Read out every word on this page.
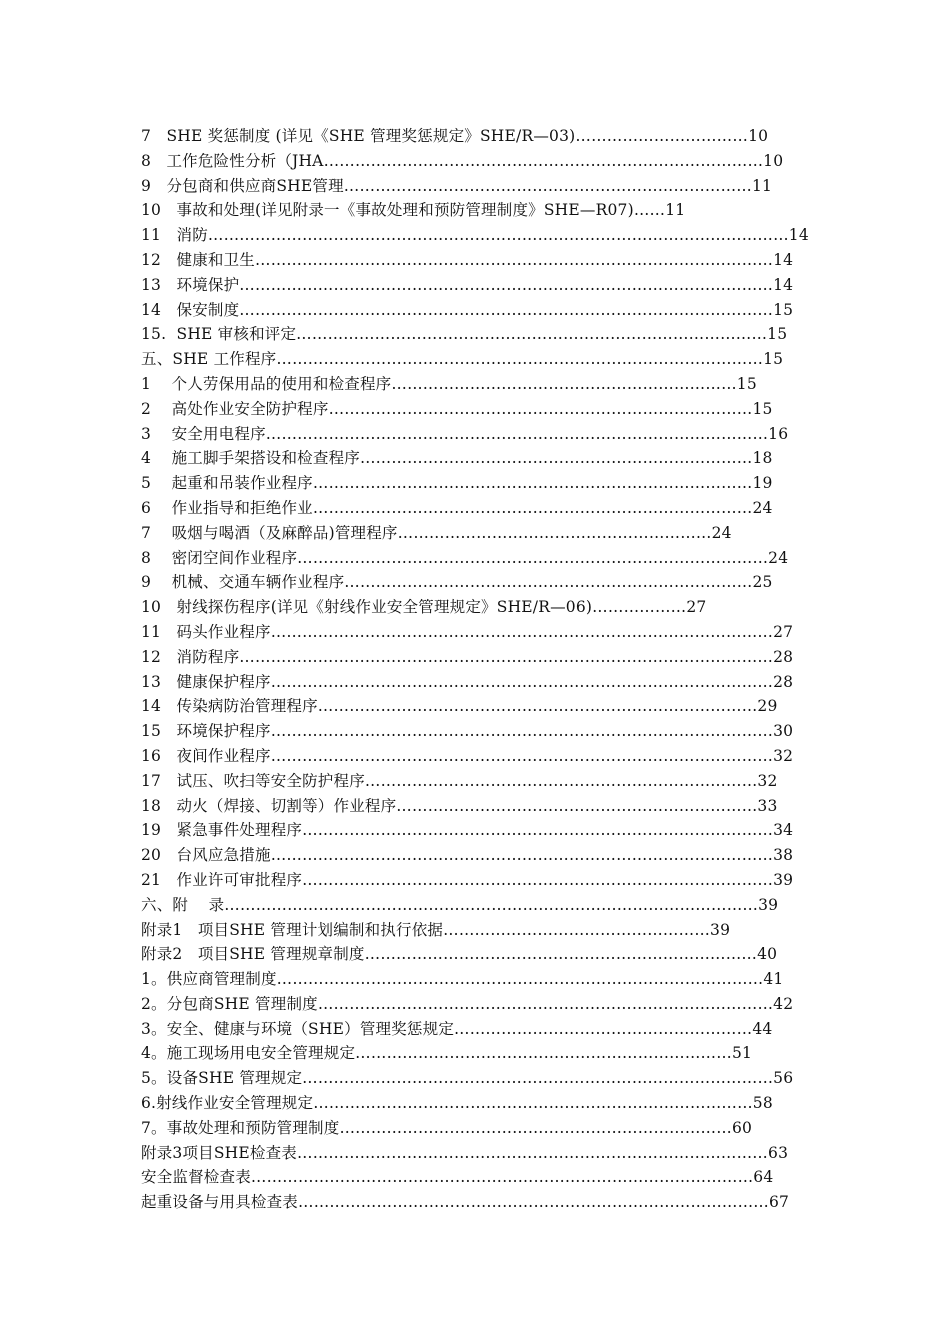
7   SHE 奖惩制度 (详见《SHE 管理奖惩规定》SHE/R—03)……………………………10
8   工作危险性分析（JHA…………………………………………………………………………10
9   分包商和供应商SHE管理……………………………………………………………………11
10   事故和处理(详见附录一《事故处理和预防管理制度》SHE—R07)……11
11   消防…………………………………………………………………………………………………14
12   健康和卫生………………………………………………………………………………………14
13   环境保护…………………………………………………………………………………………14
14   保安制度…………………………………………………………………………………………15
15.  SHE 审核和评定………………………………………………………………………………15
五、SHE 工作程序…………………………………………………………………………………15
1    个人劳保用品的使用和检查程序…………………………………………………………15
2    高处作业安全防护程序………………………………………………………………………15
3    安全用电程序……………………………………………………………………………………16
4    施工脚手架搭设和检查程序…………………………………………………………………18
5    起重和吊装作业程序…………………………………………………………………………19
6    作业指导和拒绝作业…………………………………………………………………………24
7    吸烟与喝酒（及麻醉品)管理程序……………………………………………………24
8    密闭空间作业程序………………………………………………………………………………24
9    机械、交通车辆作业程序……………………………………………………………………25
10   射线探伤程序(详见《射线作业安全管理规定》SHE/R—06)………………27
11   码头作业程序……………………………………………………………………………………27
12   消防程序…………………………………………………………………………………………28
13   健康保护程序……………………………………………………………………………………28
14   传染病防治管理程序…………………………………………………………………………29
15   环境保护程序……………………………………………………………………………………30
16   夜间作业程序……………………………………………………………………………………32
17   试压、吹扫等安全防护程序…………………………………………………………………32
18   动火（焊接、切割等）作业程序……………………………………………………………33
19   紧急事件处理程序………………………………………………………………………………34
20   台风应急措施……………………………………………………………………………………38
21   作业许可审批程序………………………………………………………………………………39
六、附    录…………………………………………………………………………………………39
附录1   项目SHE 管理计划编制和执行依据……………………………………………39
附录2   项目SHE 管理规章制度…………………………………………………………………40
1。供应商管理制度…………………………………………………………………………………41
2。分包商SHE 管理制度……………………………………………………………………………42
3。安全、健康与环境（SHE）管理奖惩规定…………………………………………………44
4。施工现场用电安全管理规定………………………………………………………………51
5。设备SHE 管理规定………………………………………………………………………………56
6.射线作业安全管理规定…………………………………………………………………………58
7。事故处理和预防管理制度…………………………………………………………………60
附录3项目SHE检查表………………………………………………………………………………63
安全监督检查表……………………………………………………………………………………64
起重设备与用具检查表………………………………………………………………………………67
